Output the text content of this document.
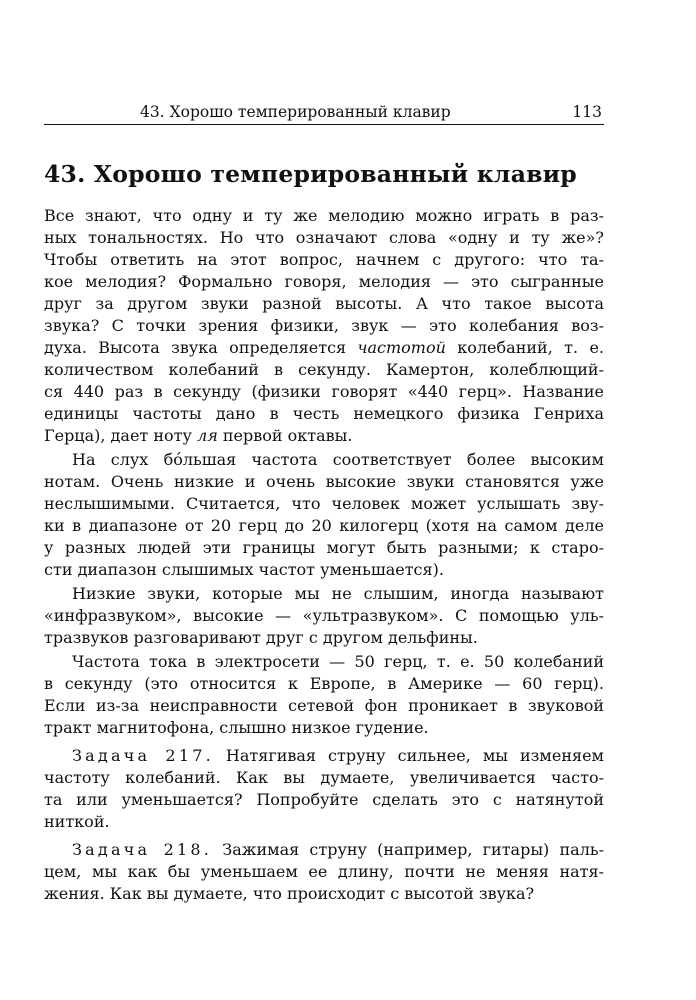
43. Хорошо темперированный клавир	113
43. Хорошо темперированный клавир
Все знают, что одну и ту же мелодию можно играть в раз-
ных тональностях. Но что означают слова «одну и ту же»?
Чтобы ответить на этот вопрос, начнем с другого: что та-
кое мелодия? Формально говоря, мелодия — это сыгранные
друг за другом звуки разной высоты. А что такое высота
звука? С точки зрения физики, звук — это колебания воз-
духа. Высота звука определяется частотой колебаний, т. е.
количеством колебаний в секунду. Камертон, колеблющий-
ся 440 раз в секунду (физики говорят «440 герц». Название
единицы частоты дано в честь немецкого физика Генриха
Герца), дает ноту ля первой октавы.
На слух бо́льшая частота соответствует более высоким
нотам. Очень низкие и очень высокие звуки становятся уже
неслышимыми. Считается, что человек может услышать зву-
ки в диапазоне от 20 герц до 20 килогерц (хотя на самом деле
у разных людей эти границы могут быть разными; к старо-
сти диапазон слышимых частот уменьшается).
Низкие звуки, которые мы не слышим, иногда называют
«инфразвуком», высокие — «ультразвуком». С помощью уль-
тразвуков разговаривают друг с другом дельфины.
Частота тока в электросети — 50 герц, т. е. 50 колебаний
в секунду (это относится к Европе, в Америке — 60 герц).
Если из-за неисправности сетевой фон проникает в звуковой
тракт магнитофона, слышно низкое гудение.
Задача 217. Натягивая струну сильнее, мы изменяем
частоту колебаний. Как вы думаете, увеличивается часто-
та или уменьшается? Попробуйте сделать это с натянутой
ниткой.
Задача 218. Зажимая струну (например, гитары) паль-
цем, мы как бы уменьшаем ее длину, почти не меняя натя-
жения. Как вы думаете, что происходит с высотой звука?
